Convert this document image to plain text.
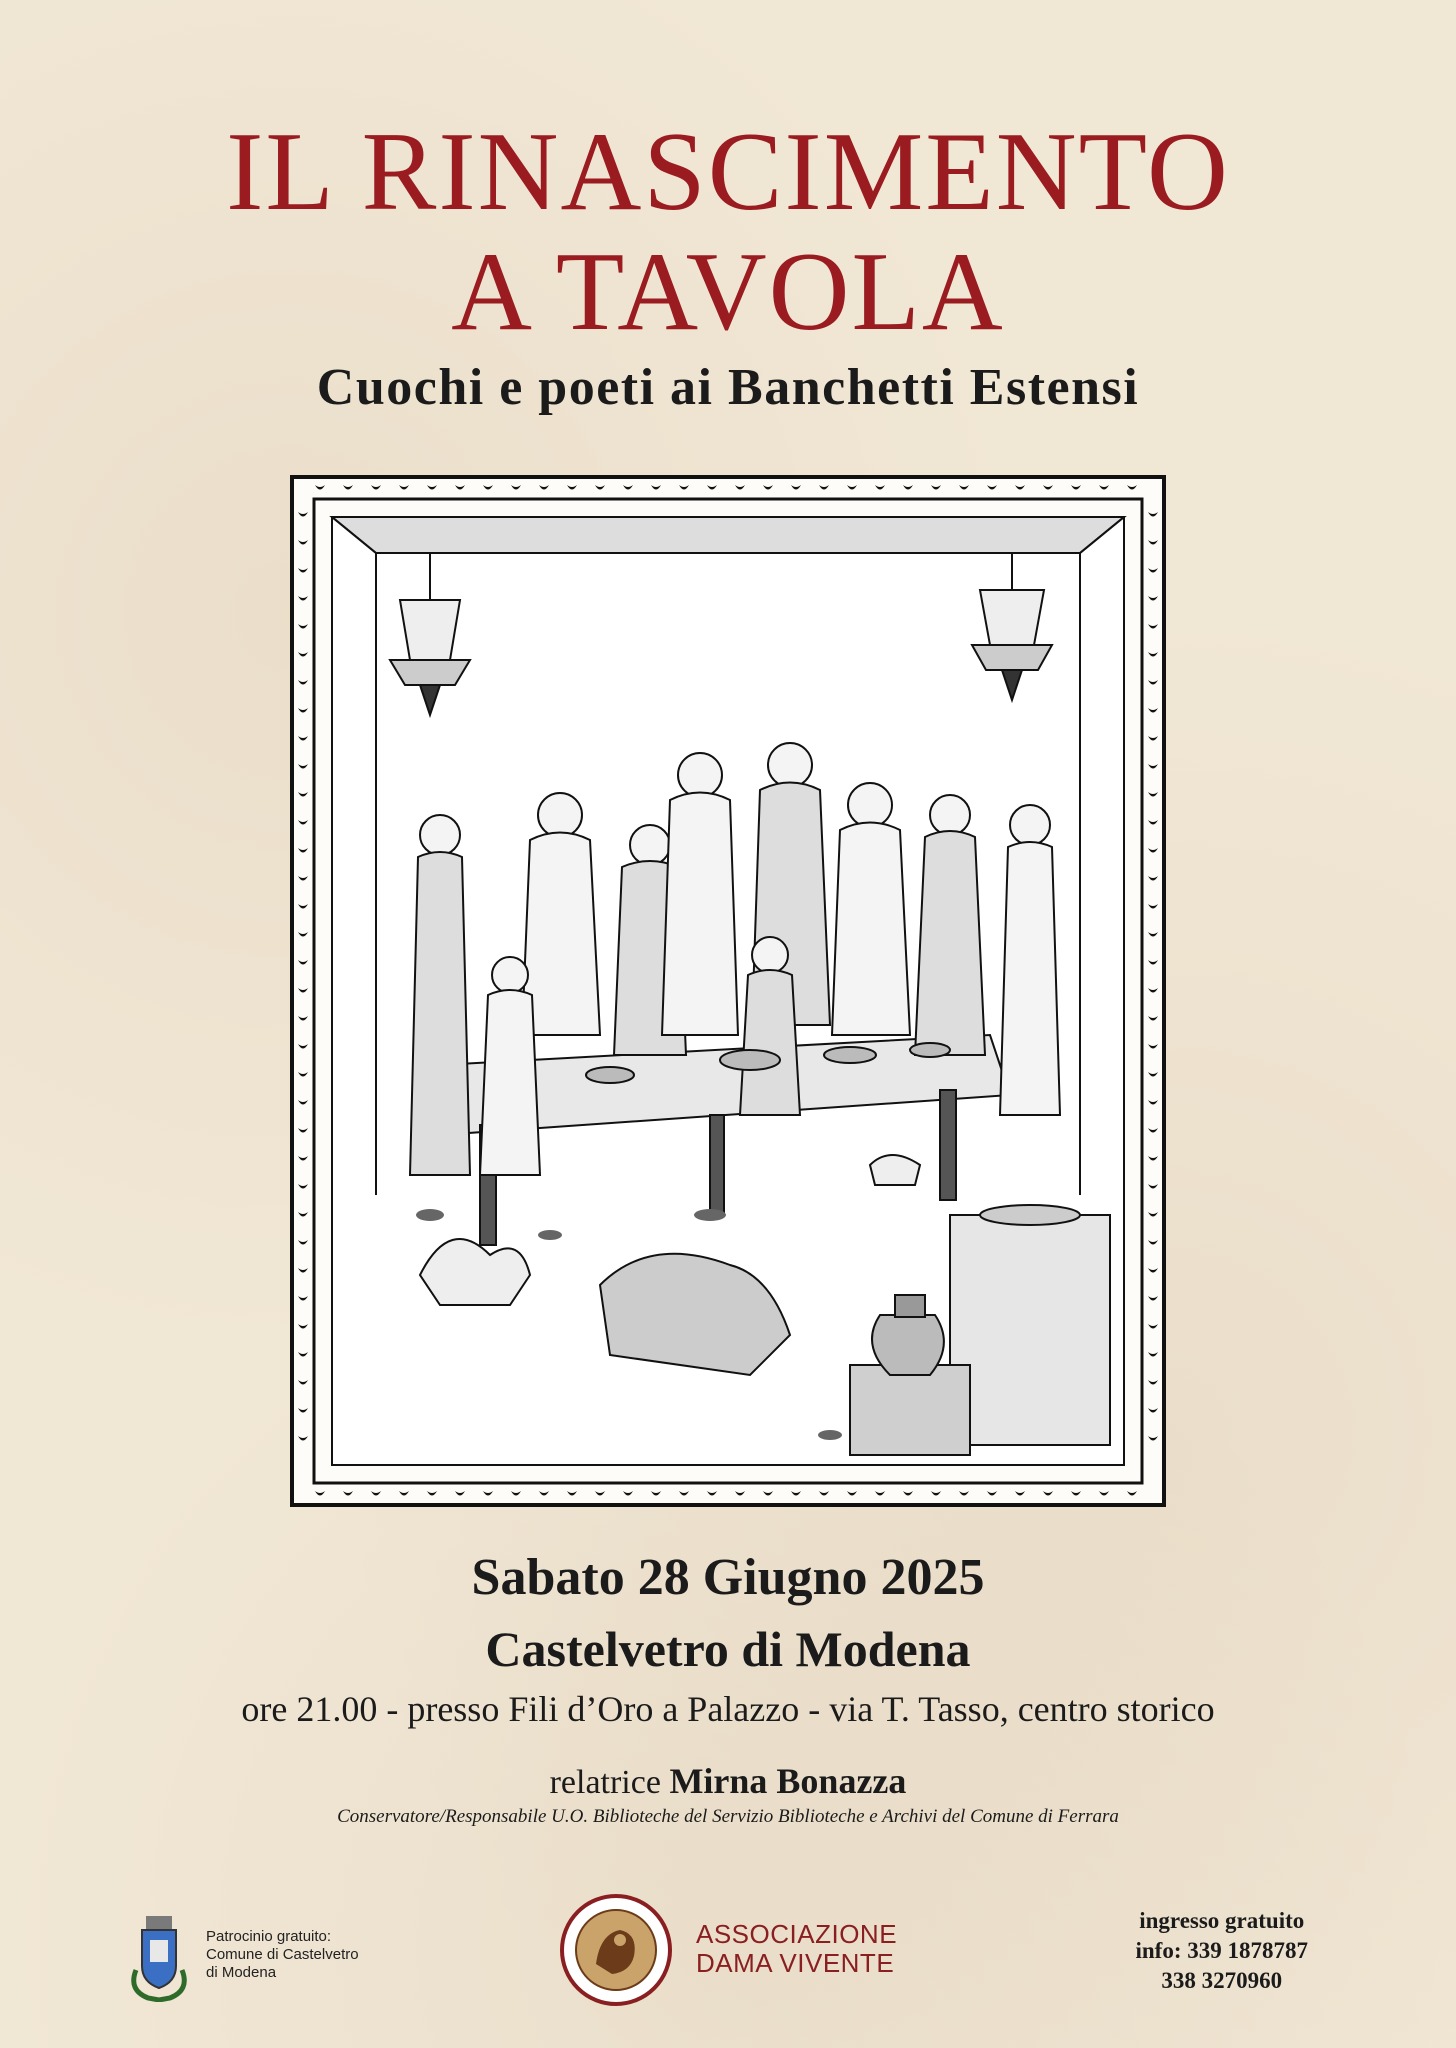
IL RINASCIMENTO
A TAVOLA
Cuochi e poeti ai Banchetti Estensi

Sabato 28 Giugno 2025

Castelvetro di Modena

ore 21.00 - presso Fili d’Oro a Palazzo - via T. Tasso, centro storico

relatrice Mirna Bonazza

Conservatore/Responsabile U.O. Biblioteche del Servizio Biblioteche e Archivi del Comune di Ferrara

Patrocinio gratuito:
Comune di Castelvetro
di Modena
ASSOCIAZIONE
DAMA VIVENTE
ingresso gratuito
info: 339 1878787
338 3270960
